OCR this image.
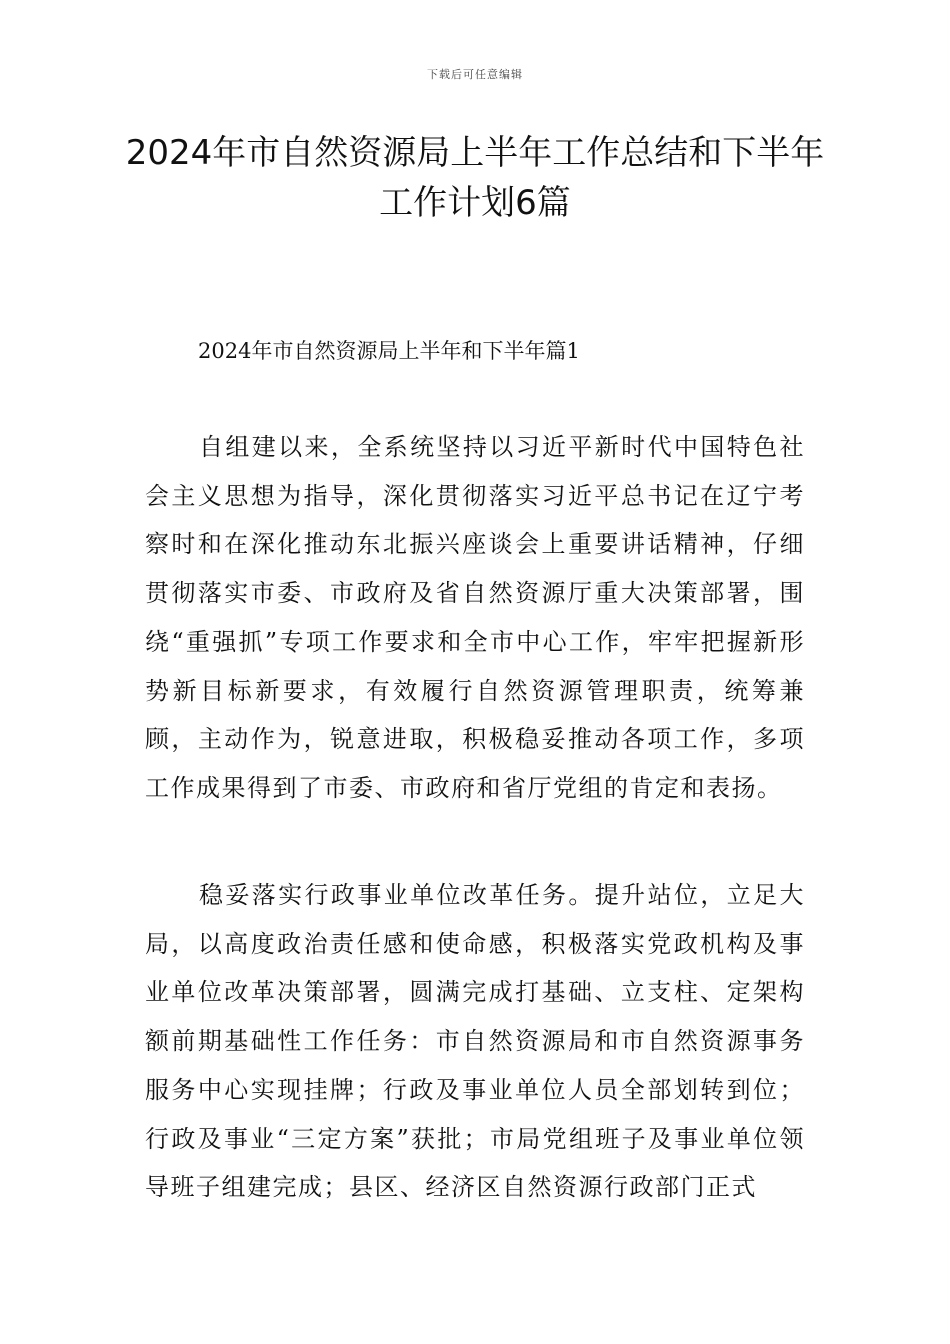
下载后可任意编辑
2024年市自然资源局上半年工作总结和下半年工作计划6篇
2024年市自然资源局上半年和下半年篇1

自组建以来，全系统坚持以习近平新时代中国特色社会主义思想为指导，深化贯彻落实习近平总书记在辽宁考察时和在深化推动东北振兴座谈会上重要讲话精神，仔细贯彻落实市委、市政府及省自然资源厅重大决策部署，围绕“重强抓”专项工作要求和全市中心工作，牢牢把握新形势新目标新要求，有效履行自然资源管理职责，统筹兼顾，主动作为，锐意进取，积极稳妥推动各项工作，多项工作成果得到了市委、市政府和省厅党组的肯定和表扬。

稳妥落实行政事业单位改革任务。提升站位，立足大局，以高度政治责任感和使命感，积极落实党政机构及事业单位改革决策部署，圆满完成打基础、立支柱、定架构额前期基础性工作任务：市自然资源局和市自然资源事务服务中心实现挂牌；行政及事业单位人员全部划转到位；行政及事业“三定方案”获批；市局党组班子及事业单位领导班子组建完成；县区、经济区自然资源行政部门正式
